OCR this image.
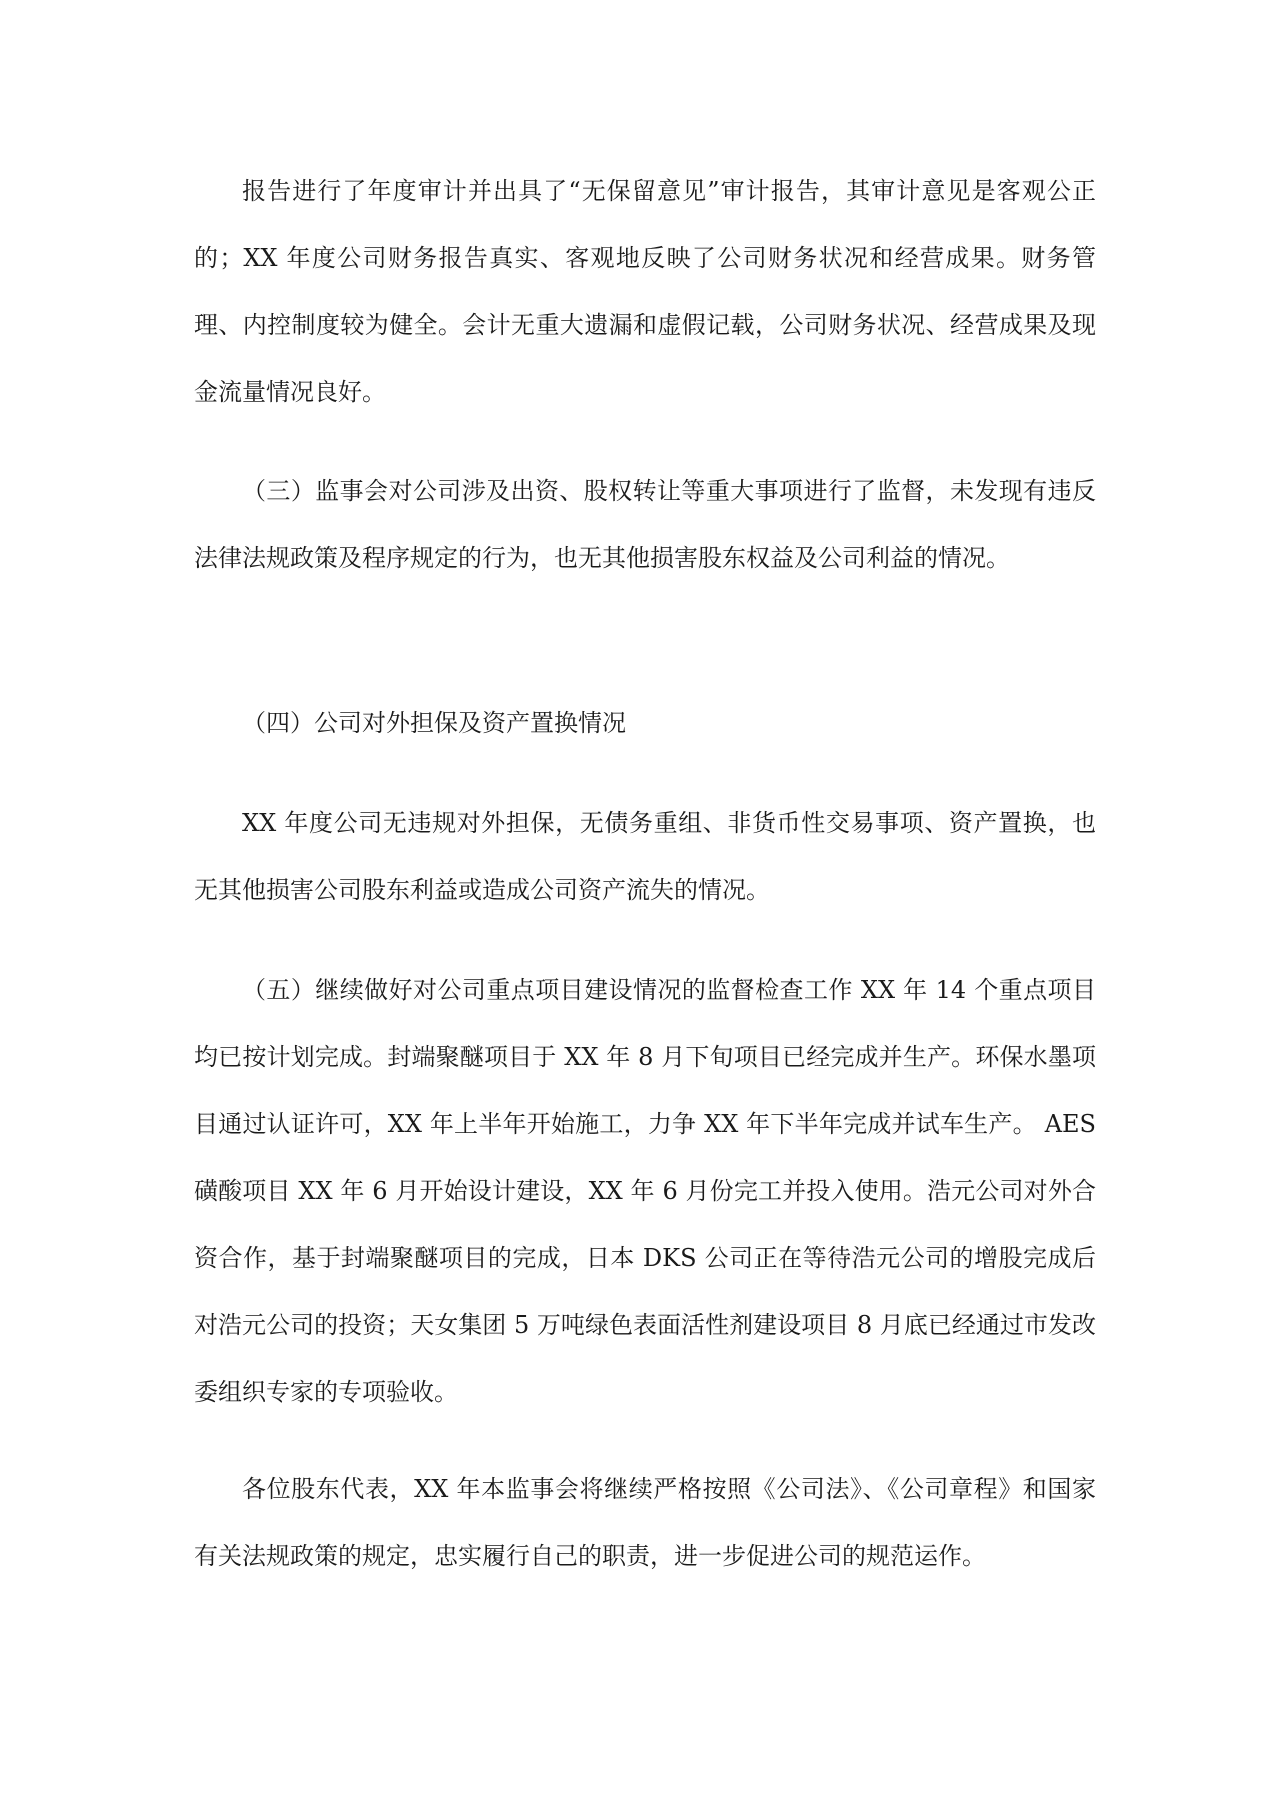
报告进行了年度审计并出具了“无保留意见”审计报告，其审计意见是客观公正的；XX 年度公司财务报告真实、客观地反映了公司财务状况和经营成果。财务管理、内控制度较为健全。会计无重大遗漏和虚假记载，公司财务状况、经营成果及现金流量情况良好。

（三）监事会对公司涉及出资、股权转让等重大事项进行了监督，未发现有违反法律法规政策及程序规定的行为，也无其他损害股东权益及公司利益的情况。

（四）公司对外担保及资产置换情况

XX 年度公司无违规对外担保，无债务重组、非货币性交易事项、资产置换，也无其他损害公司股东利益或造成公司资产流失的情况。

（五）继续做好对公司重点项目建设情况的监督检查工作 XX 年 14 个重点项目均已按计划完成。封端聚醚项目于 XX 年 8 月下旬项目已经完成并生产。环保水墨项目通过认证许可，XX 年上半年开始施工，力争 XX 年下半年完成并试车生产。 AES 磺酸项目 XX 年 6 月开始设计建设，XX 年 6 月份完工并投入使用。浩元公司对外合资合作，基于封端聚醚项目的完成，日本 DKS 公司正在等待浩元公司的增股完成后对浩元公司的投资；天女集团 5 万吨绿色表面活性剂建设项目 8 月底已经通过市发改委组织专家的专项验收。

各位股东代表，XX 年本监事会将继续严格按照《公司法》、《公司章程》和国家有关法规政策的规定，忠实履行自己的职责，进一步促进公司的规范运作。
